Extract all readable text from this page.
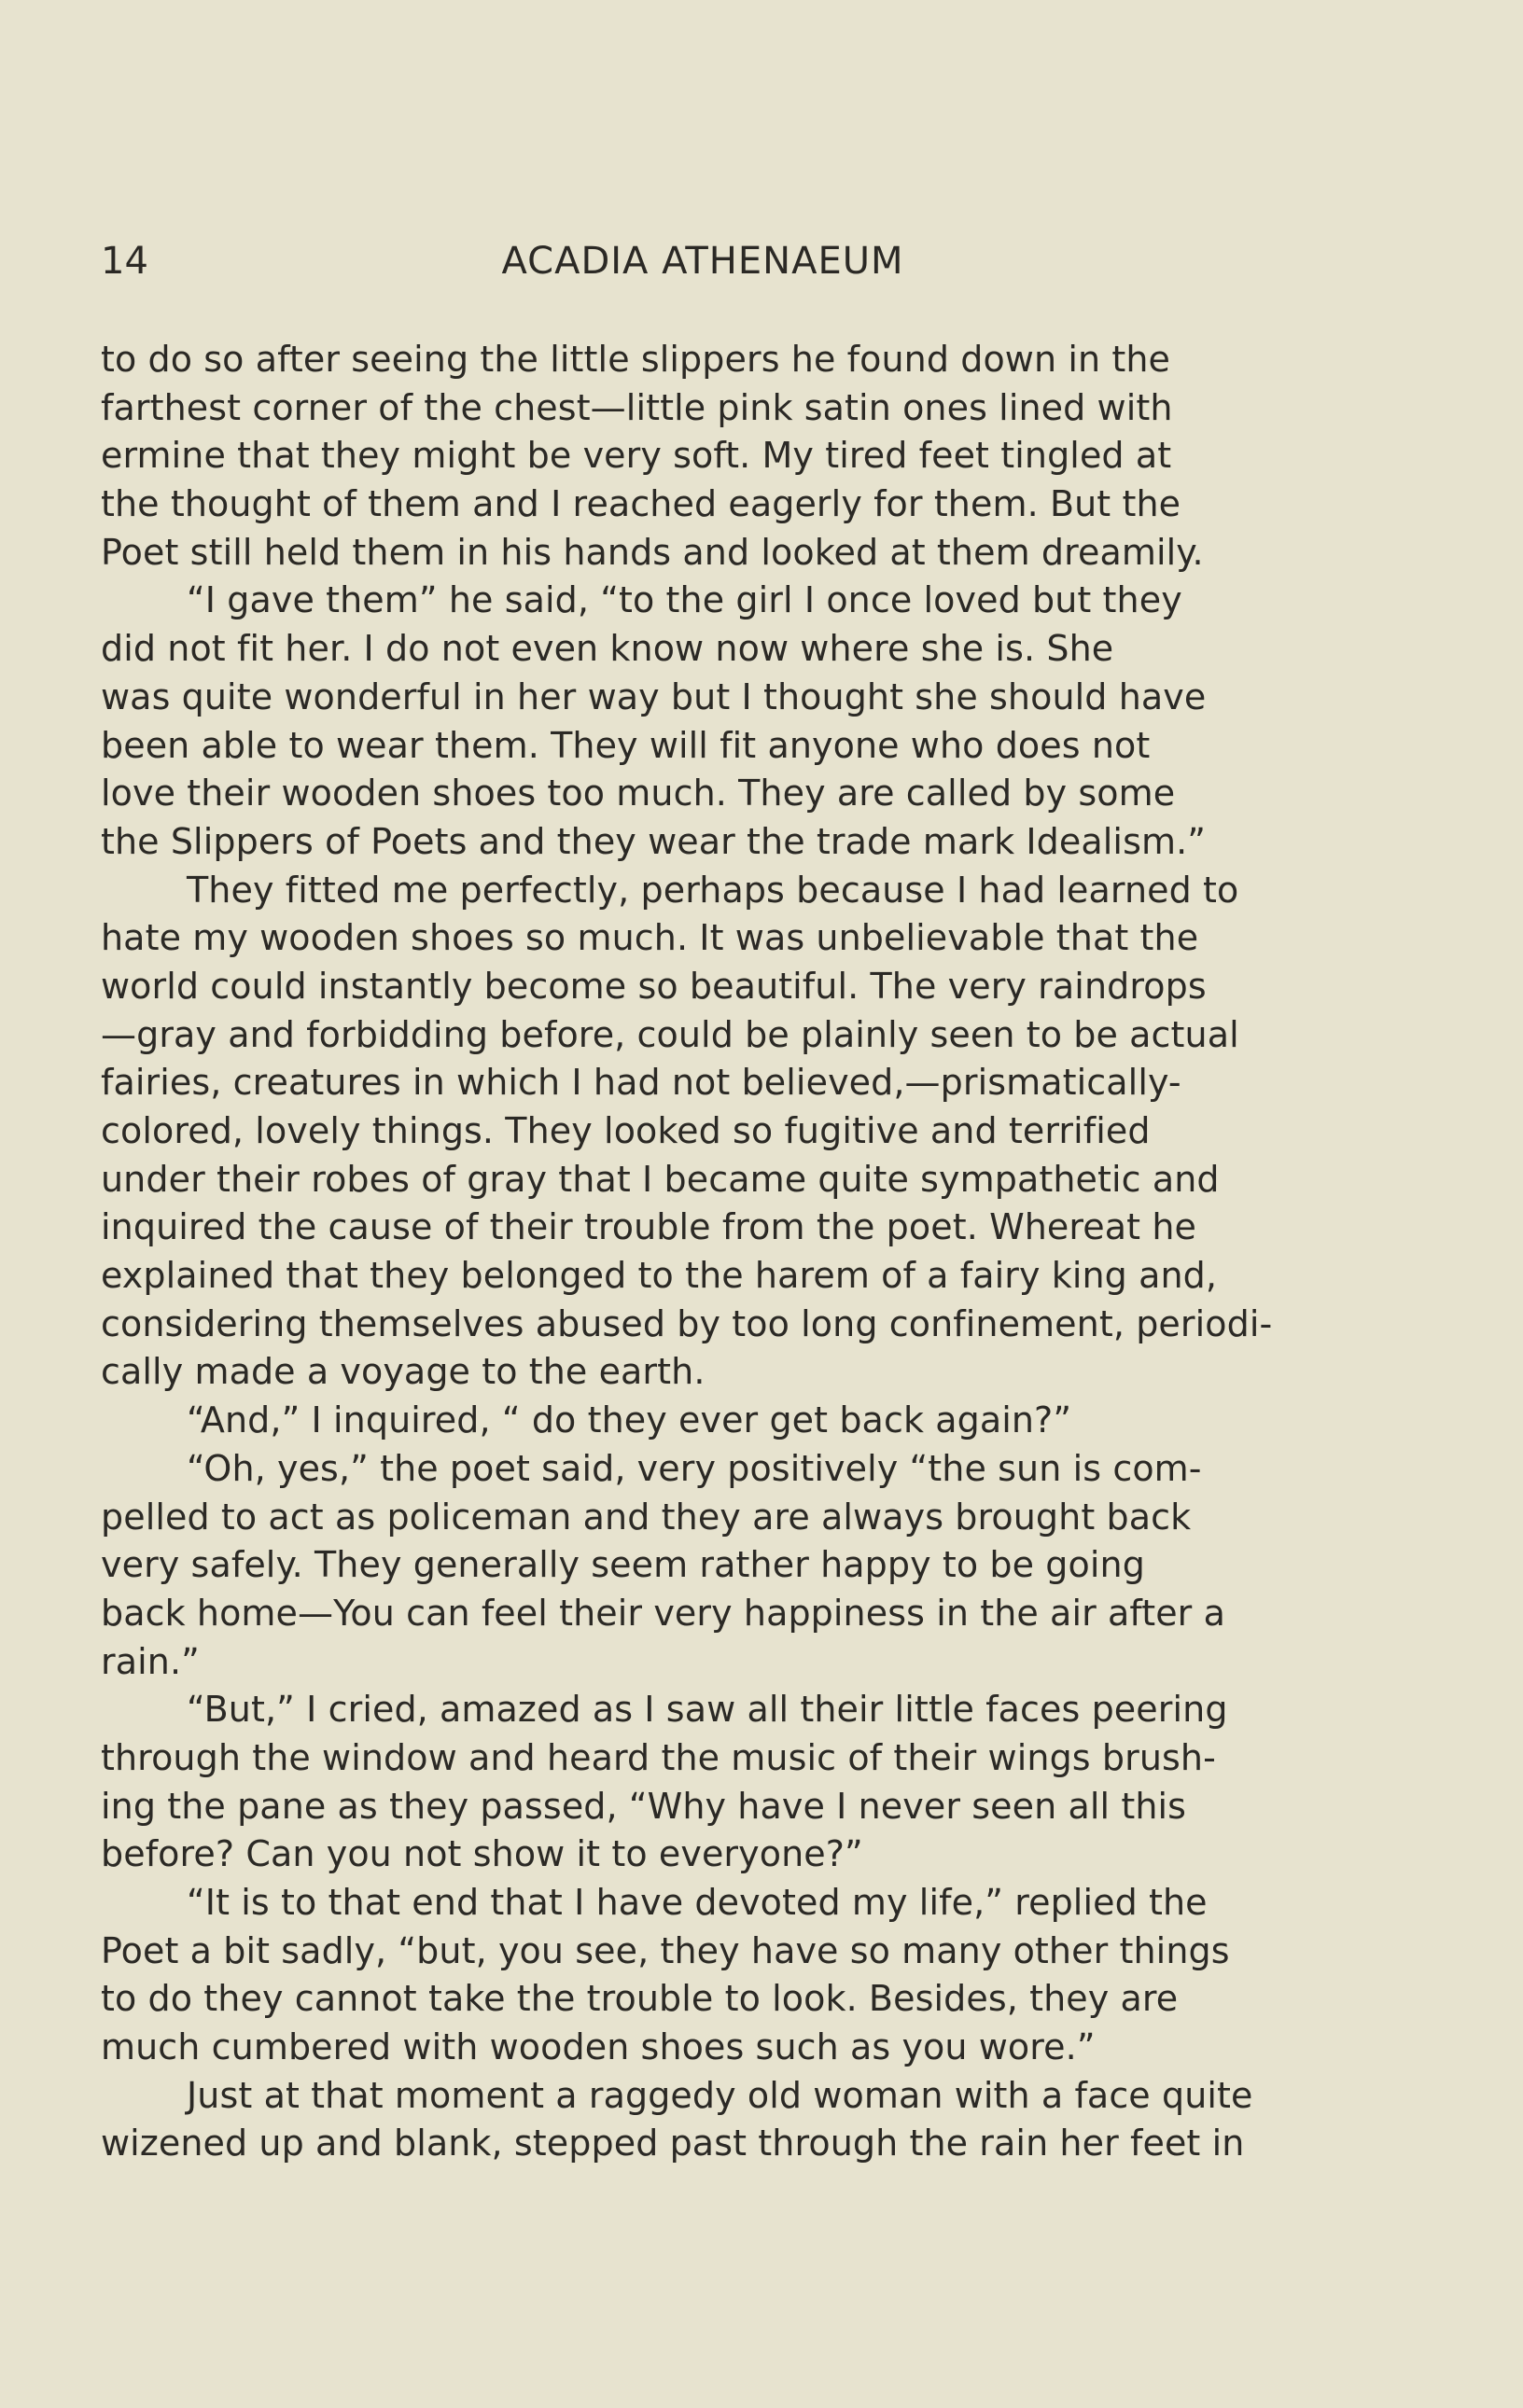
14	ACADIA ATHENAEUM
to do so after seeing the little slippers he found down in the
farthest corner of the chest—little pink satin ones lined with
ermine that they might be very soft. My tired feet tingled at
the thought of them and I reached eagerly for them. But the
Poet still held them in his hands and looked at them dreamily.
“I gave them” he said, “to the girl I once loved but they
did not fit her. I do not even know now where she is. She
was quite wonderful in her way but I thought she should have
been able to wear them. They will fit anyone who does not
love their wooden shoes too much. They are called by some
the Slippers of Poets and they wear the trade mark Idealism.”
They fitted me perfectly, perhaps because I had learned to
hate my wooden shoes so much. It was unbelievable that the
world could instantly become so beautiful. The very raindrops
—gray and forbidding before, could be plainly seen to be actual
fairies, creatures in which I had not believed,—prismatically-
colored, lovely things. They looked so fugitive and terrified
under their robes of gray that I became quite sympathetic and
inquired the cause of their trouble from the poet. Whereat he
explained that they belonged to the harem of a fairy king and,
considering themselves abused by too long confinement, periodi-
cally made a voyage to the earth.
“And,” I inquired, “ do they ever get back again?”
“Oh, yes,” the poet said, very positively “the sun is com-
pelled to act as policeman and they are always brought back
very safely. They generally seem rather happy to be going
back home—You can feel their very happiness in the air after a
rain.”
“But,” I cried, amazed as I saw all their little faces peering
through the window and heard the music of their wings brush-
ing the pane as they passed, “Why have I never seen all this
before? Can you not show it to everyone?”
“It is to that end that I have devoted my life,” replied the
Poet a bit sadly, “but, you see, they have so many other things
to do they cannot take the trouble to look. Besides, they are
much cumbered with wooden shoes such as you wore.”
Just at that moment a raggedy old woman with a face quite
wizened up and blank, stepped past through the rain her feet in
